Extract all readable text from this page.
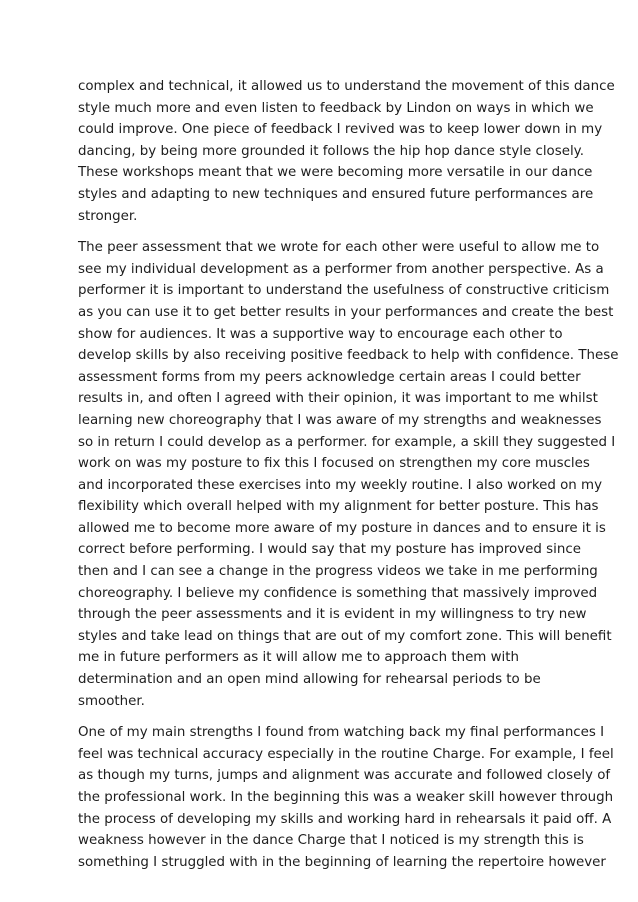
complex and technical, it allowed us to understand the movement of this dance
style much more and even listen to feedback by Lindon on ways in which we
could improve. One piece of feedback I revived was to keep lower down in my
dancing, by being more grounded it follows the hip hop dance style closely.
These workshops meant that we were becoming more versatile in our dance
styles and adapting to new techniques and ensured future performances are
stronger.

The peer assessment that we wrote for each other were useful to allow me to
see my individual development as a performer from another perspective. As a
performer it is important to understand the usefulness of constructive criticism
as you can use it to get better results in your performances and create the best
show for audiences. It was a supportive way to encourage each other to
develop skills by also receiving positive feedback to help with confidence. These
assessment forms from my peers acknowledge certain areas I could better
results in, and often I agreed with their opinion, it was important to me whilst
learning new choreography that I was aware of my strengths and weaknesses
so in return I could develop as a performer. for example, a skill they suggested I
work on was my posture to fix this I focused on strengthen my core muscles
and incorporated these exercises into my weekly routine. I also worked on my
flexibility which overall helped with my alignment for better posture. This has
allowed me to become more aware of my posture in dances and to ensure it is
correct before performing. I would say that my posture has improved since
then and I can see a change in the progress videos we take in me performing
choreography. I believe my confidence is something that massively improved
through the peer assessments and it is evident in my willingness to try new
styles and take lead on things that are out of my comfort zone. This will benefit
me in future performers as it will allow me to approach them with
determination and an open mind allowing for rehearsal periods to be
smoother.

One of my main strengths I found from watching back my final performances I
feel was technical accuracy especially in the routine Charge. For example, I feel
as though my turns, jumps and alignment was accurate and followed closely of
the professional work. In the beginning this was a weaker skill however through
the process of developing my skills and working hard in rehearsals it paid off. A
weakness however in the dance Charge that I noticed is my strength this is
something I struggled with in the beginning of learning the repertoire however
